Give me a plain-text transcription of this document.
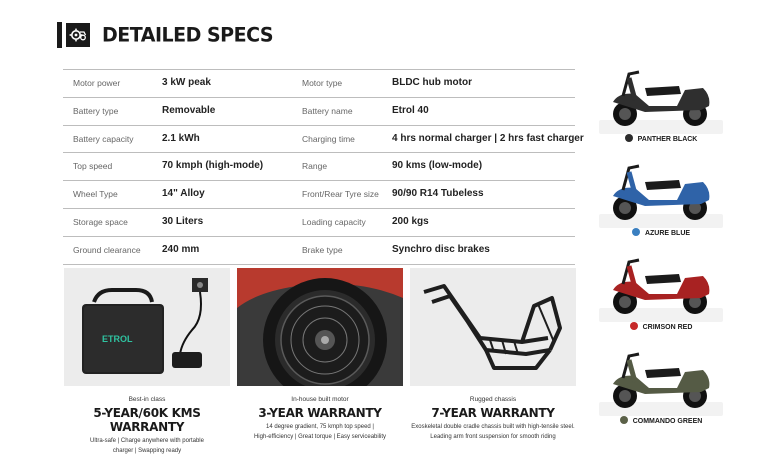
DETAILED SPECS
Motor power	3 kW peak	Motor type	BLDC hub motor
Battery type	Removable	Battery name	Etrol 40
Battery capacity	2.1 kWh	Charging time	4 hrs normal charger | 2 hrs fast charger
Top speed	70 kmph (high-mode)	Range	90 kms (low-mode)
Wheel Type	14" Alloy	Front/Rear Tyre size 90/90 R14 Tubeless
Storage space	30 Liters	Loading capacity	200 kgs
Ground clearance 240 mm	Brake type	Synchro disc brakes
ETROL
Best-in class
5-YEAR/60K KMS WARRANTY
Ultra-safe | Charge anywhere with portable
charger | Swapping ready
In-house built motor
3-YEAR WARRANTY
14 degree gradient, 75 kmph top speed |
High-efficiency | Great torque | Easy serviceability
Rugged chassis
7-YEAR WARRANTY
Exoskeletal double cradle chassis built with high-tensile steel.
Leading arm front suspension for smooth riding
PANTHER BLACK
AZURE BLUE
CRIMSON RED
COMMANDO GREEN
